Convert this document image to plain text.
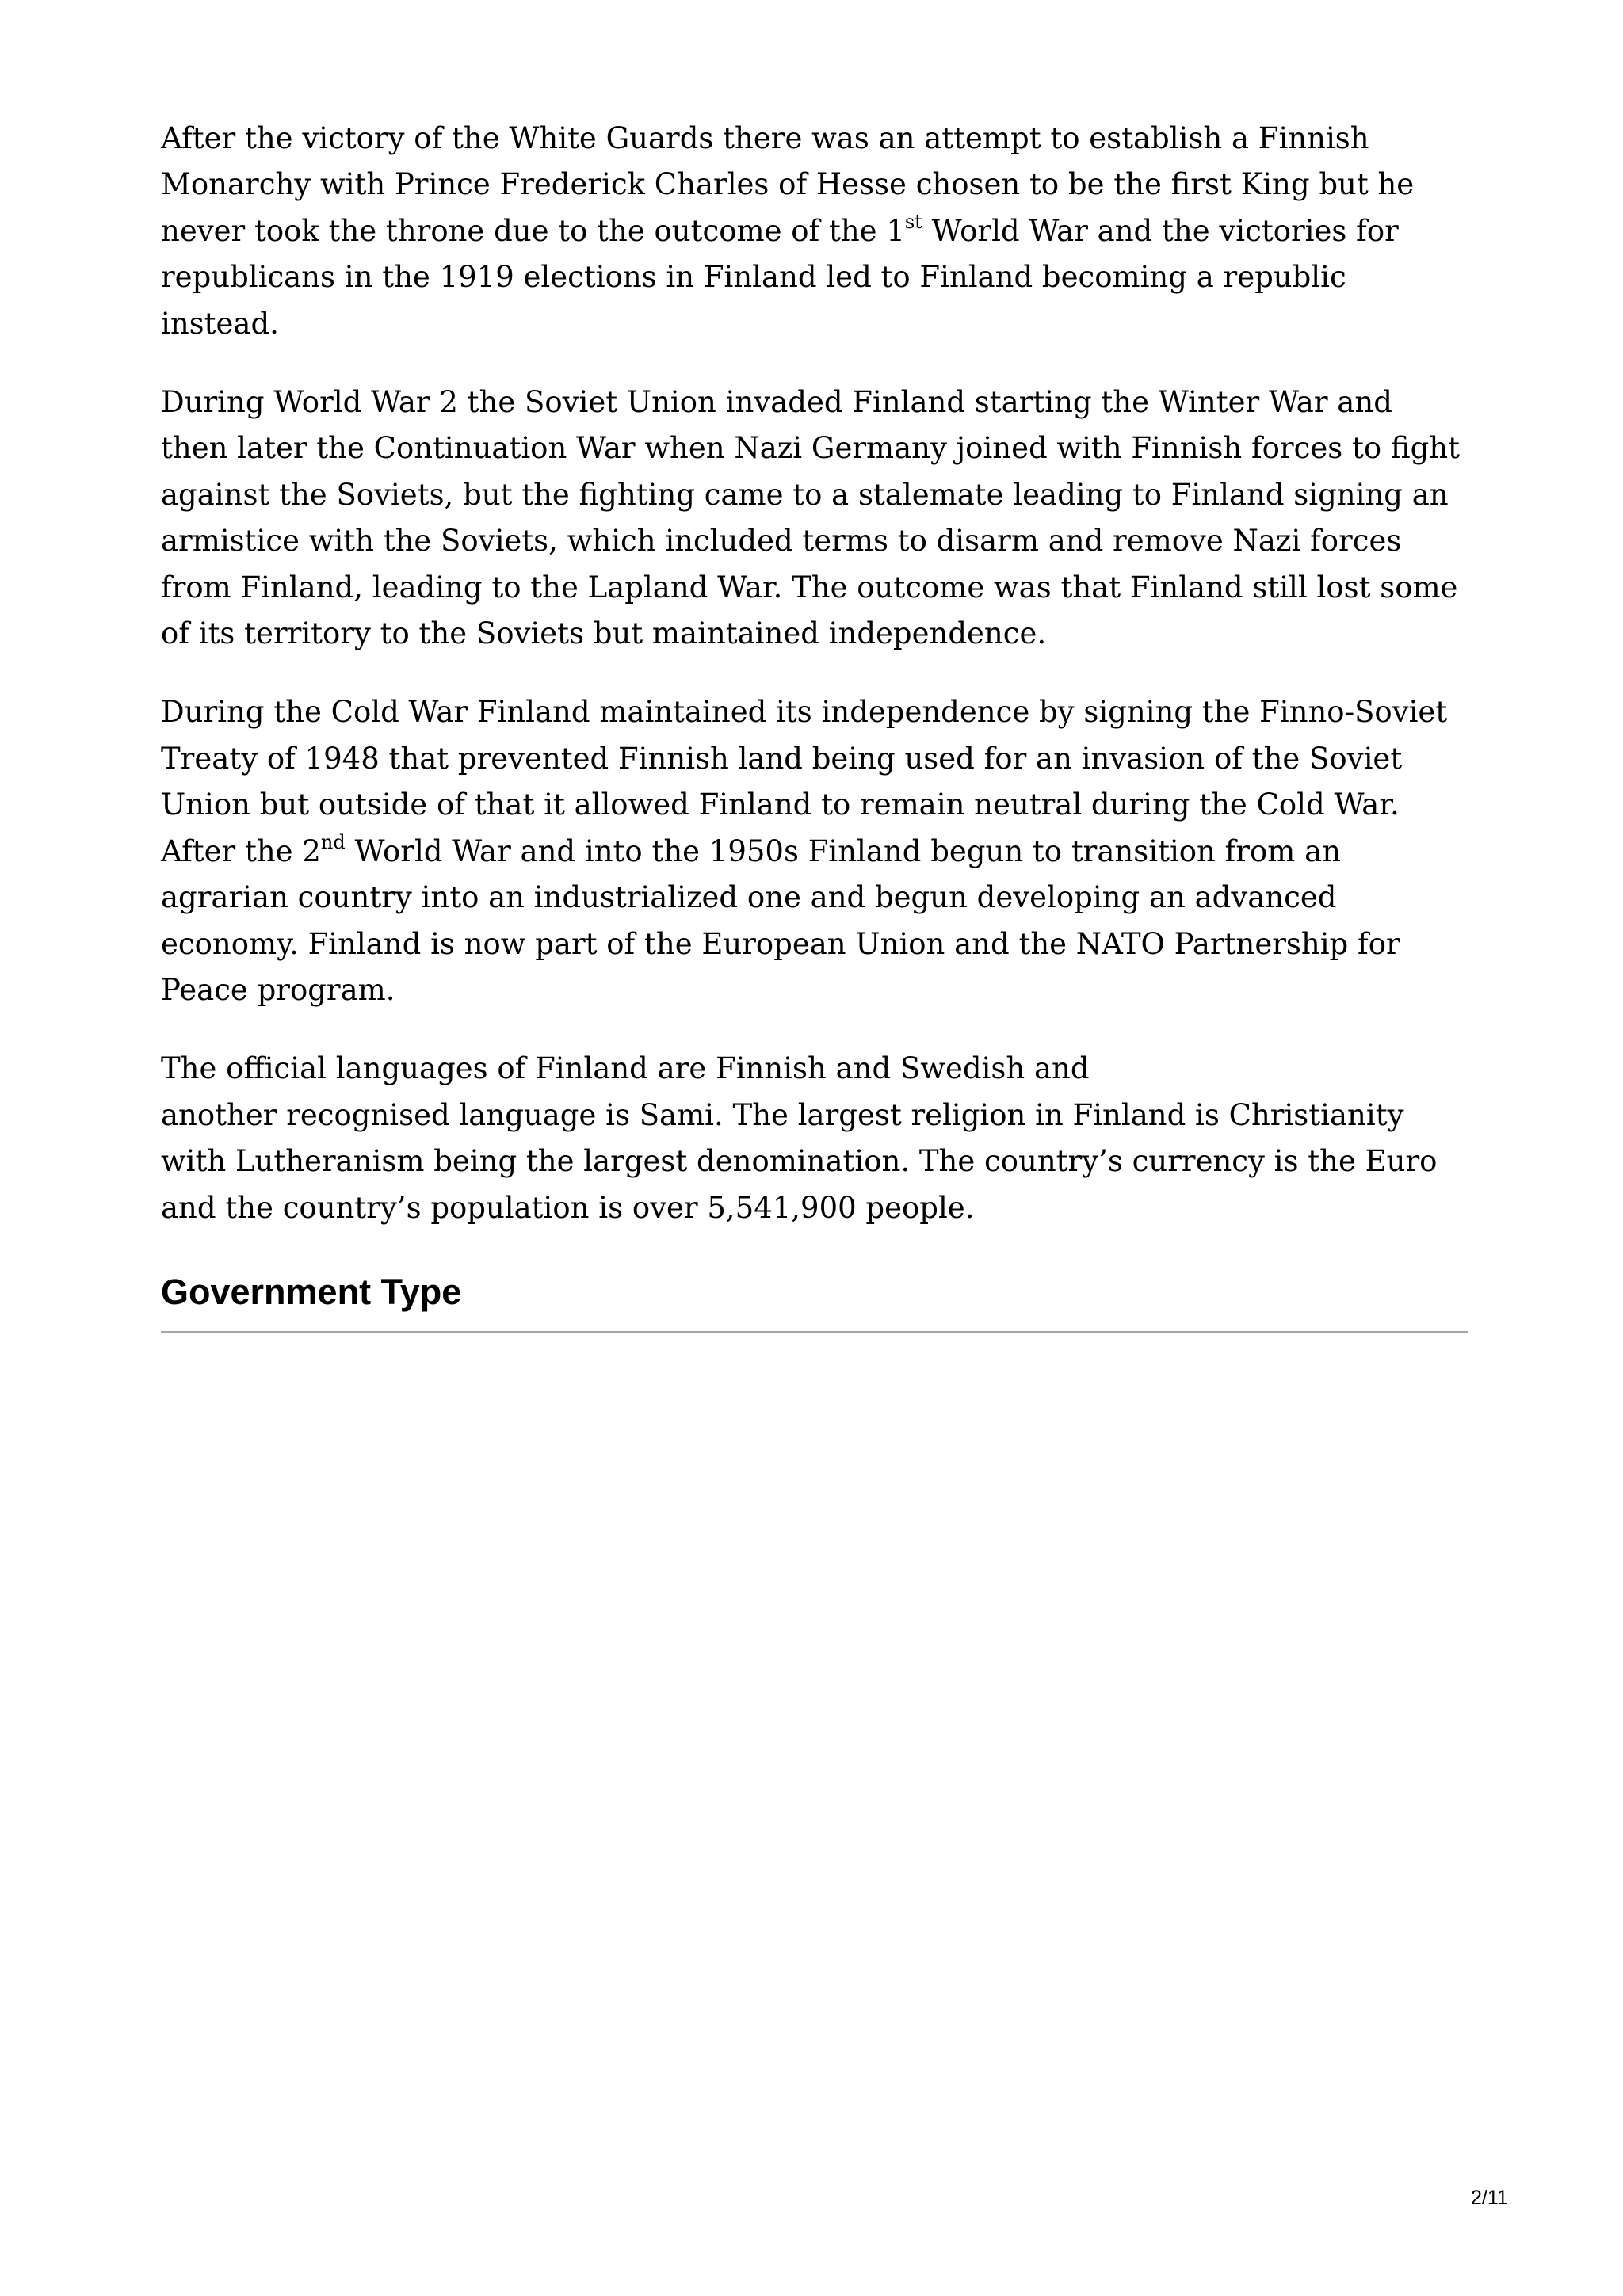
After the victory of the White Guards there was an attempt to establish a Finnish Monarchy with Prince Frederick Charles of Hesse chosen to be the first King but he never took the throne due to the outcome of the 1st World War and the victories for republicans in the 1919 elections in Finland led to Finland becoming a republic instead.

During World War 2 the Soviet Union invaded Finland starting the Winter War and then later the Continuation War when Nazi Germany joined with Finnish forces to fight against the Soviets, but the fighting came to a stalemate leading to Finland signing an armistice with the Soviets, which included terms to disarm and remove Nazi forces from Finland, leading to the Lapland War. The outcome was that Finland still lost some of its territory to the Soviets but maintained independence.

During the Cold War Finland maintained its independence by signing the Finno-Soviet Treaty of 1948 that prevented Finnish land being used for an invasion of the Soviet Union but outside of that it allowed Finland to remain neutral during the Cold War. After the 2nd World War and into the 1950s Finland begun to transition from an agrarian country into an industrialized one and begun developing an advanced economy. Finland is now part of the European Union and the NATO Partnership for Peace program.

The official languages of Finland are Finnish and Swedish and
another recognised language is Sami. The largest religion in Finland is Christianity with Lutheranism being the largest denomination. The country’s currency is the Euro and the country’s population is over 5,541,900 people.

Government Type
2/11
